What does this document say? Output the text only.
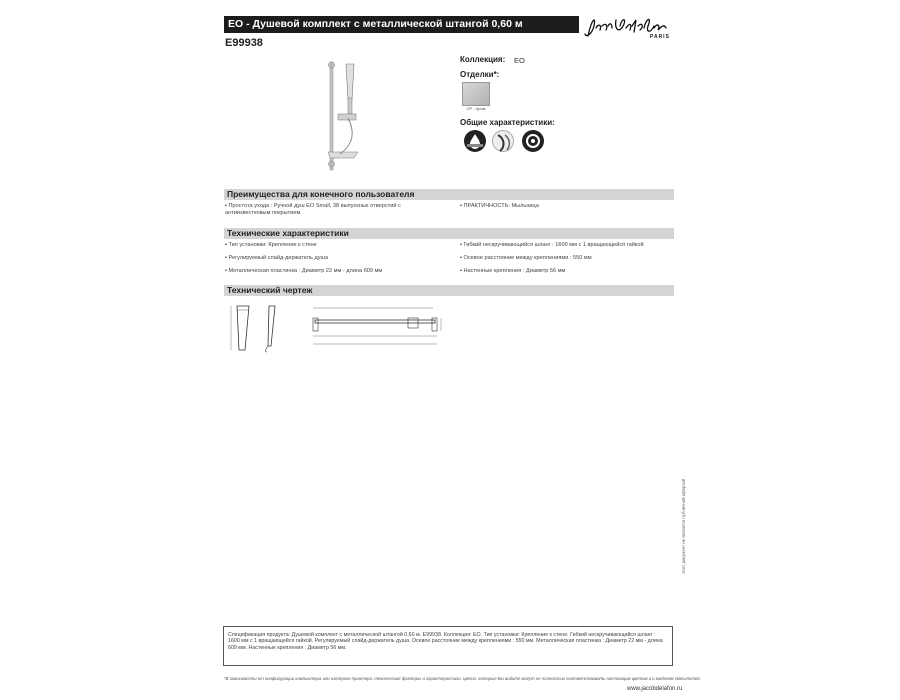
EO - Душевой комплект с металлической штангой 0,60 м
E99938	PARIS
Коллекция: EO
Отделки*:
CP - Хром
Общие характеристики:
Преимущества для конечного пользователя
• Простота ухода : Ручной душ EO Small, 38 выпускных отверстий с антиизвестковым покрытием
• ПРАКТИЧНОСТЬ: Мыльница
Технические характеристики
• Тип установки: Крепление к стене
• Регулируемый слайд-держатель душа
• Металлическая пластинка : Диаметр 22 мм - длина 609 мм
• Гибкий нескручивающийся шланг : 1600 мм с 1 вращающейся гайкой
• Осевое расстояние между креплениями : 550 мм
• Настенные крепления : Диаметр 56 мм
Технический чертеж
Спецификация продукта: Душевой комплект с металлической штангой 0,60 м. E99938. Коллекция: EO. Тип установки: Крепление к стене. Гибкий нескручивающийся шланг : 1600 мм с 1 вращающейся гайкой. Регулируемый слайд-держатель душа. Осевое расстояние между креплениями : 550 мм. Металлическая пластинка : Диаметр 22 мм - длина 609 мм. Настенные крепления : Диаметр 56 мм.
*В зависимости от конфигурации компьютера или настроек принтера, технические факторы и характеристики, цвета, которые Вы видите могут не полностью соответствовать настоящим цветам и и моделям смесителей.
www.jacobdelafon.ru
Этот документ не является публичной офертой
